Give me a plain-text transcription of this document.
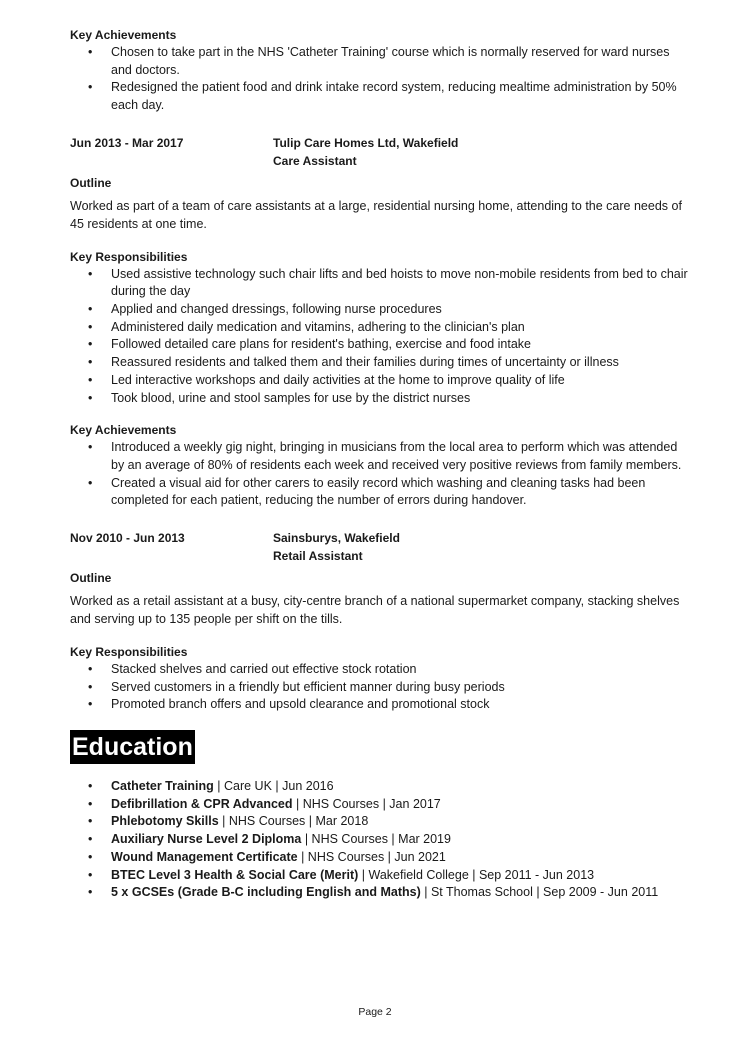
Key Achievements

• Chosen to take part in the NHS 'Catheter Training' course which is normally reserved for ward nurses and doctors.
• Redesigned the patient food and drink intake record system, reducing mealtime administration by 50% each day.
Jun 2013 - Mar 2017	Tulip Care Homes Ltd, Wakefield
Care Assistant

Outline

Worked as part of a team of care assistants at a large, residential nursing home, attending to the care needs of 45 residents at one time.

Key Responsibilities

• Used assistive technology such chair lifts and bed hoists to move non-mobile residents from bed to chair during the day
• Applied and changed dressings, following nurse procedures
• Administered daily medication and vitamins, adhering to the clinician's plan
• Followed detailed care plans for resident's bathing, exercise and food intake
• Reassured residents and talked them and their families during times of uncertainty or illness
• Led interactive workshops and daily activities at the home to improve quality of life
• Took blood, urine and stool samples for use by the district nurses

Key Achievements

• Introduced a weekly gig night, bringing in musicians from the local area to perform which was attended by an average of 80% of residents each week and received very positive reviews from family members.
• Created a visual aid for other carers to easily record which washing and cleaning tasks had been completed for each patient, reducing the number of errors during handover.
Nov 2010 - Jun 2013	Sainsburys, Wakefield
Retail Assistant

Outline

Worked as a retail assistant at a busy, city-centre branch of a national supermarket company, stacking shelves and serving up to 135 people per shift on the tills.

Key Responsibilities

• Stacked shelves and carried out effective stock rotation
• Served customers in a friendly but efficient manner during busy periods
• Promoted branch offers and upsold clearance and promotional stock
Education
• Catheter Training | Care UK | Jun 2016
• Defibrillation & CPR Advanced | NHS Courses | Jan 2017
• Phlebotomy Skills | NHS Courses | Mar 2018
• Auxiliary Nurse Level 2 Diploma | NHS Courses | Mar 2019
• Wound Management Certificate | NHS Courses | Jun 2021
• BTEC Level 3 Health & Social Care (Merit) | Wakefield College | Sep 2011 - Jun 2013
• 5 x GCSEs (Grade B-C including English and Maths) | St Thomas School | Sep 2009 - Jun 2011
Page 2
